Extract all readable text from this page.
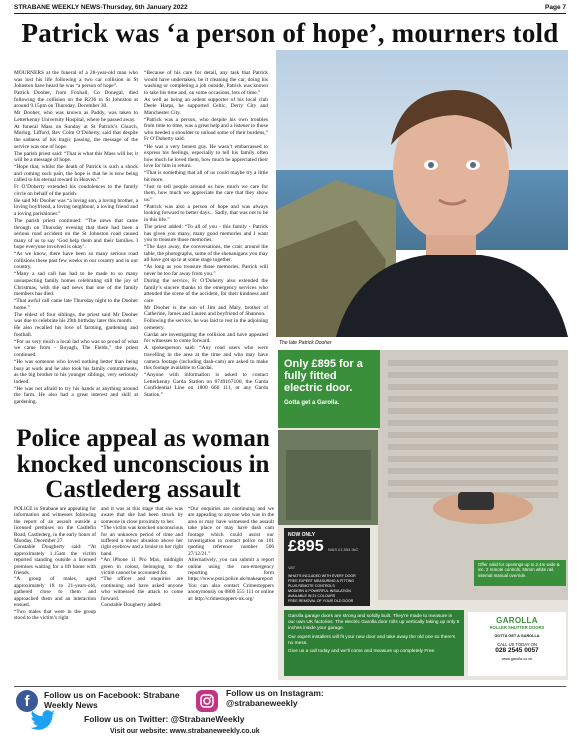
STRABANE WEEKLY NEWS-Thursday, 6th January 2022	Page 7
Patrick was ‘a person of hope’, mourners told

MOURNERS at the funeral of a 28-year-old man who was lost his life following a two car collision in St Johnston have heard he was “a person of hope”.

Patrick Dooher, from Foxhall, Co Donegal, died following the collision on the R236 in St Johnston at around 9.15pm on Thursday, December 30.

Mr Dooher, who was known as Paddy, was taken to Letterkenny University Hospital, where he passed away.

At funeral Mass on Sunday at St Patrick’s Church, Murlog, Lifford, Rev Colm O’Doherty, said that despite the sadness of his tragic passing, the message of the service was one of hope.

The parish priest said: “That is what this Mass will be; it will be a message of hope.

“Hope that, whilst the death of Patrick is such a shock and coming such pain, the hope is that he is now being called to his eternal reward in Heaven.”

Fr O’Doherty extended his condolences to the family circle on behalf of the parish.

He said Mr Dooher was “a loving son, a loving brother, a loving boyfriend, a loving neighbour, a loving friend and a loving parishioner.”

The parish priest continued: “The news that came through on Thursday evening that there had been a serious road accident on the St Johnston road caused many of us to say ‘God help them and their families. I hope everyone involved is okay’.

“As we know, there have been so many serious road collisions these past few weeks in our country and in our country.

“Many a sad call has had to be made to so many unsuspecting family homes celebrating still the joy of Christmas, with the sad news that one of the family members has died.

“That awful call came late Thursday night to the Dooher home.”

The eldest of four siblings, the priest said Mr Dooher was due to celebrate his 29th birthday later this month.

He also recalled his love of farming, gardening and football.

“For us very much a local lad who was so proud of what we came from - Boyagh, The Fields,” the priest continued.

“He was someone who loved nothing better than being busy at work and he also took his family commitments, as the big brother to his younger siblings, very seriously indeed.

“He was not afraid to try his hands at anything around the farm. He also had a great interest and skill at gardening.

“Because of his care for detail, any task that Patrick would have undertaken, be it cleaning the car, doing his washing or completing a job outside, Patrick was known to take his time and, on some occasions, lots of time.”

As well as being an ardent supporter of his local club Deele Harps, he supported Celtic, Derry City and Manchester City.

“Patrick was a person, who despite his own troubles from time to time, was a great help and a listener to those who needed a shoulder to unload some of their burdens,” Fr O’Doherty said.

“He was a very honest guy. He wasn’t embarrassed to express his feelings, especially to tell his family often how much he loved them, how much he appreciated their love for him in return.

“That is something that all of us could maybe try a little bit more.

“Just to tell people around us how much we care for them, how much we appreciate the care that they show us.”

“Patrick was also a person of hope and was always looking forward to better days... Sadly, that was not to be in this life.”

The priest added: “To all of you - this family - Patrick has given you many, many good memories and I want you to treasure those memories.

“The days away, the conversations, the craic around the table, the photographs, some of the shenanigans you may all have got up to at some stage together.

“As long as you treasure those memories, Patrick will never be too far away from you.”

During the service, Fr O’Doherty also extended the family’s sincere thanks to the emergency services who attended the scene of the accident, for their kindness and care.

Mr Dooher is the son of Jim and Mary, brother of Catherine, James and Lauren and boyfriend of Shannon.

Following the service, he was laid to rest in the adjoining cemetery.

Gardai are investigating the collision and have appealed for witnesses to come forward.

A spokesperson said: “Any road users who were travelling in the area at the time and who may have camera footage (including dash-cam) are asked to make this footage available to Gardai.

“Anyone with information is asked to contact Letterkenny Garda Station on 0749167100, the Garda Confidential Line on 1800 666 111, or any Garda Station.”

The late Patrick Dooher
Only £895 for a fully fitted electric door.
Gotta get a Garolla.
NOW ONLY
£895 WAS £1,554 INC VAT
WHAT'S INCLUDED WITH EVERY DOOR
FREE EXPERT MEASURING & FITTING
PLUS REMOTE CONTROLS
MODERN & POWERFUL INSULATION
AVAILABLE IN 21 COLOURS
FREE REMOVAL OF YOUR OLD DOOR
Offer valid for openings up to 2.4m wide & inc. 2 remote controls, 55mm white rail, internal manual override.

Garolla garage doors are strong and solidly built. They're made to measure in our own UK factories. The electric Garolla door rolls up vertically taking up only 8 inches inside your garage.

Our expert installers will fit your new door and take away the old one so there's no mess.

Give us a call today and we'll come and measure up completely Free.

GAROLLA
ROLLER SHUTTER DOORS
GOTTA GET A GAROLLA
CALL US TODAY ON
028 2545 0057
www.garolla.co.uk
Police appeal as woman knocked unconscious in Castlederg assault

POLICE in Strabane are appealing for information and witnesses following the report of an assault outside a licensed premises on the Castlefin Road, Castlederg, in the early hours of Monday, December 27.

Constable Dougherty said: “At approximately 1.15am the victim reported standing outside a licensed premises waiting for a lift home with friends.

“A group of males, aged approximately 18 to 21-years-old, gathered close to them and approached them and an interaction ensued.

“Two males that were in the group stood to the victim’s right

and it was at this stage that she was aware that she had been struck by someone in close proximity to her.

“The victim was knocked unconscious for an unknown period of time and suffered a minor abrasion above her right eyebrow and a bruise to her right hand.

“An iPhone 11 Pro Max, midnight green in colour, belonging to the victim cannot be accounted for.

“The officer and enquiries are continuing and have asked anyone who witnessed the attack to come forward.

Constable Dougherty added:

“Our enquiries are continuing and we are appealing to anyone who was in the area or may have witnessed the assault take place or may have dash cam footage which could assist our investigation to contact police on 101 quoting reference number 506 27/12/21.”

Alternatively, you can submit a report online using the non-emergency reporting form https://www.psni.police.uk/makeareport

You can also contact Crimestoppers anonymously on 0800 555 111 or online at: http://crimestoppers-uk.org/

f	Follow us on Facebook: Strabane Weekly News
Follow us on Instagram:
@strabaneweekly
Follow us on Twitter: @StrabaneWeekly
Visit our website: www.strabaneweekly.co.uk
